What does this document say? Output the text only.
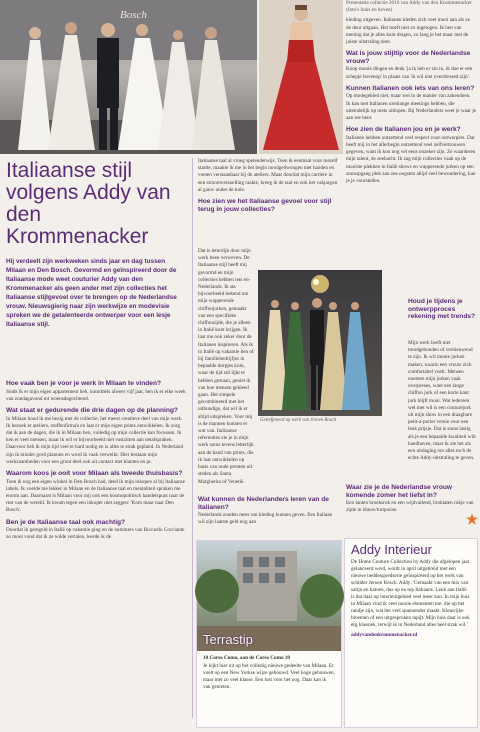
Bosch
Presentatie collectie 2016 van Addy van den Krommenacker (foto's links en boven)
kleding uitgeven. Italianen kleden zich veel mooi aan als ze de deur uitgaan. Het hoeft niet zo ingetogen. Ik ben van mening dat je alles kunt dragen, zo lang je het maar met de juiste uitstraling doet.
Wat is jouw stijltip voor de Nederlandse vrouw?
Koop mooie dingen en denk 'ja ik heb er zin in, ik doe er een schepje bovenop' in plaats van 'ik wil niet overdressed zijn'.
Kunnen Italianen ook iets van ons leren?
Op modegebied niet, maar wel in de manier van zakendoen. Ik kan met Italianen urenlange meetings hebben, die uiteindelijk op niets uitlopen. Bij Nederlanders weet je waar je aan toe bent.
Hoe zien de Italianen jou en je werk?
Italianen hebben ontzettend veel respect voor ontwerpers. Dat heeft mij in het allerbegin ontzettend veel zelfvertrouwen gegeven, want ik kon nog vel eens onzeker zijn. Ze waarderen mijn talent, de zeebacht. Ik zag mijn collecties vaak op de mooiste plekken in Italië shows en wapperende jurken op een zonsopgang plek aan zee oogsten altijd veel bewondering, kan je je voorstellen.
Italiaanse stijl volgens Addy van den Krommenacker
Hij verdeelt zijn werkweken sinds jaar en dag tussen Milaan en Den Bosch. Gevormd en geïnspireerd door de Italiaanse mode weet couturier Addy van den Krommenacker als geen ander met zijn collecties het Italiaanse stijlgevoel over te brengen op de Nederlandse vrouw. Nieuwsgierig naar zijn werkwijze en modevisie spreken we de getalenteerde ontwerper voor een lesje Italiaanse stijl.
Hoe vaak ben je voor je werk in Milaan te vinden?
Sinds ik er mijn eigen appartement heb, inmiddels alweer vijf jaar, ben ik er elke week van zondagavond tot woensdagochtend.
Wat staat er gedurende die drie dagen op de planning?
In Milaan houd ik me bezig met de collectie, het meest creatieve deel van mijn werk. Ik bezoek er ateliers, stoffenfirma's en laat er mijn eigen prints ontwikkelen. Ik zorg dat ik aan de dagen, die ik in Milaan ben, volledig op mijn collectie kan focussen. Ik ken er veel mensen, maar ik wil er bijvoorbeeld niet vastzitten aan netafspraken. Daarvoor heb ik mijn tijd veel te hard nodig en is alles te strak gepland. In Nederland zijn ik minder gord plannen en word ik vaak verwelkt. Hier bestaan mijn werkzaamheden voor een groot deel ook uit contact met klanten en pr.
Waarom koos je ooit voor Milaan als tweede thuisbasis?
Toen ik nog een eigen winkel in Den Bosch had, deed ik mijn inkopen al bij Italiaanse labels. Ik voelde me lekker in Milaan en de Italiaanse taal en mentaliteit spraken me enorm aan. Daarnaast is Milaan voor mij ook een kosmopolitisch handelspunt naar de rest van de wereld. Ik kwam tegen een inkoper niet zeggen: 'Kom maar naar Den Bosch'.
Ben je de Italiaanse taal ook machtig?
Doordat ik geregeld in Italië op vakantie ging en de nummers van Riccardo Cocciante zo mooi vond dat ik ze wilde vertalen, leerde ik de
Italiaanse taal al vroeg spelenderwijs. Toen ik eenmaal voor mezelf startte, maakte ik me in het begin noodgedwongen met handen en voeten verstaanbaar bij de ateliers. Maar doordat mijn carrière in een stroomversnelling raakte, kreeg ik de taal en ook het vakjargon al gauw onder de knie.
Hoe zien we het Italiaanse gevoel voor stijl terug in jouw collecties?
Dat is letterlijk door mijn werk heen verweven. De Italiaanse stijl heeft mij gevormd en mijn collecties hebben iets en-Nederlands. Ik sta bijvoorbeeld bekend om mijn wapperende chiffonjurken, gemaakt van een specifieke chiffonzijde, die je alleen in Italië kunt krijgen. Ik laat me ook zeker door de Italianen inspireren. Als ik in Italië op vakantie ben of bij familiebedrijfjes in bepaalde dorpjes kom, waar de tijd stil lijkt te hebben gestaan, geniet ik van hoe mensen gekleed gaan. Het simpele gecombineerd met het uitbundige, dat wil ik er altijd uitspreken. Voor mij is de mannen kunnen er wat van. Italiaanse referenties zie je in mijn werk soms tevens letterlijk aan de hand van prints, die ik laat ontwikkelen op basis van oude prenten uit steden als Santa Margherita of Venetië.
Getrefpreerd op werk van Jeroen Bosch
Wat kunnen de Nederlanders leren van de Italianen?
Nederlands zouden meer om kleding kunnen geven. Een Italiaan wil zijn laatste geld nog aan
Terrastip
10 Corso Como, aan de Corso Como 10
Je kijkt hier uit op het volledig nieuwe gedeelte van Milaan. Er voelt op een New Yorkse wijze gebouwd. Veel hoge gebouwen, maar met zo veel klasse. Een lust voor het oog. Daar kan ik van genieten.
Houd je tijdens je ontwerpproces rekening met trends?
Mijn werk heeft niet trendgebonden of vernieuwend te zijn. Ik wil mooie jurken maken, waarin een vrouw zich comfortabel voelt. Mensen noemen mijn jurken vaak overpreses, want een lange chiffon jurk of een korte kant jurk blijft mooi. Wat iedereen wel met wil is een couturejurk uit mijn show in een draagbare petit-a-porter versie voor een leuk prijsje. Dat is soms lastig als je een bepaalde kwaliteit wilt handhaven, maar ik zie het als een uitdaging om alles toch de echte Addy-uitstraling te geven.
Waar zie je de Nederlandse vrouw komende zomer het liefst in?
Een lanten broeksrok en een wijdvallend, broktaten rokje van zijde in blauw/turquoise.
Addy Interieur
De Home Couture Collection by Addy die afgelopen jaar gelanceerd werd, wordt in april uitgebreid met een nieuwe beddengoedserie geïnspireerd op het werk van schilder Jeroen Bosch. Addy: 'Gemaakt van een mix van satijn en katoen, dus op en top Italiaans. Leuk aan Italië is dat daar op interieurgebied veel meer kan. In mijn huis in Milaan vind ik veel mooie elementen toe, die op het randje zijn, wat het veel spannender maakt. Kleurrijke bloemen of een uitgesproken tapijt. Mijn huis daar is ook erg klassiek, terwijl ik in Nederland alles heel strak wil.'
addyvandenkrommenacker.nl
